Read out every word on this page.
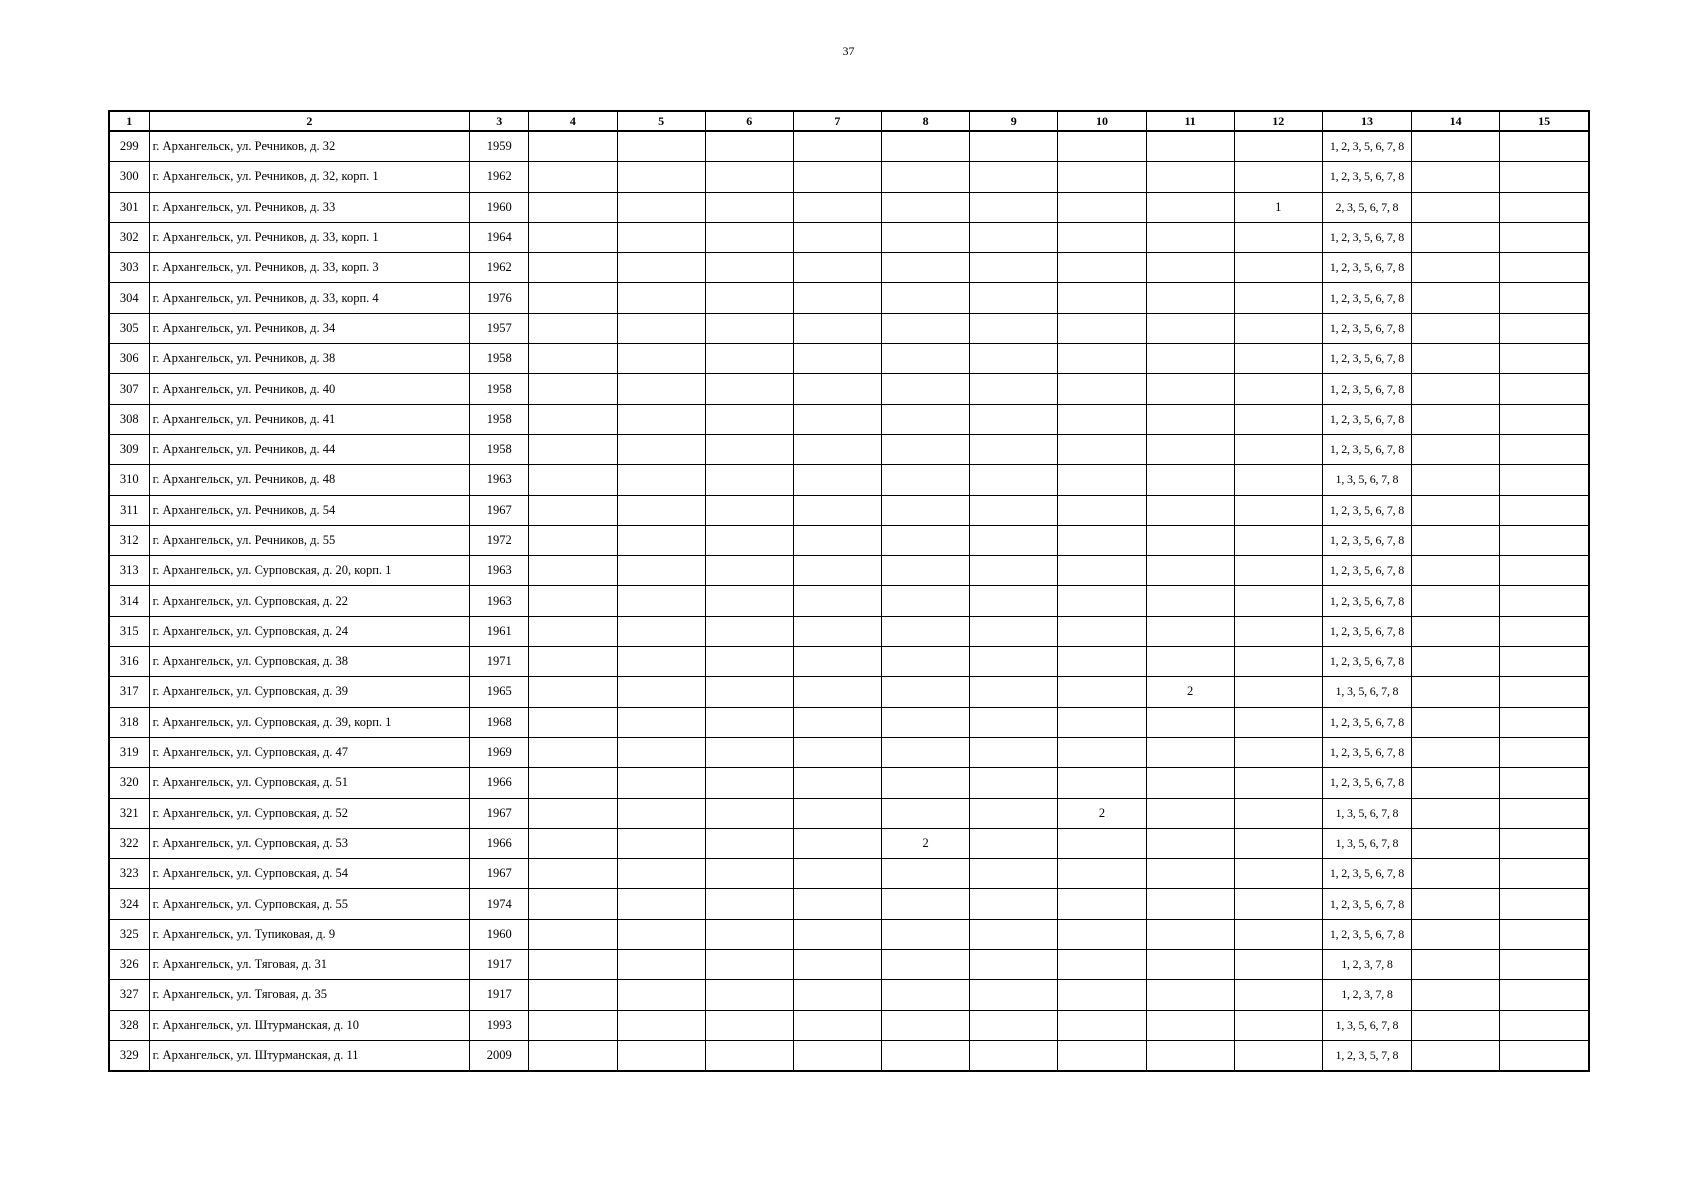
37
1	2	3	4	5	6	7	8	9	10	11	12	13	14	15
299	г. Архангельск, ул. Речников, д. 32	1959										1, 2, 3, 5, 6, 7, 8		
300	г. Архангельск, ул. Речников, д. 32, корп. 1	1962										1, 2, 3, 5, 6, 7, 8		
301	г. Архангельск, ул. Речников, д. 33	1960									1	2, 3, 5, 6, 7, 8		
302	г. Архангельск, ул. Речников, д. 33, корп. 1	1964										1, 2, 3, 5, 6, 7, 8		
303	г. Архангельск, ул. Речников, д. 33, корп. 3	1962										1, 2, 3, 5, 6, 7, 8		
304	г. Архангельск, ул. Речников, д. 33, корп. 4	1976										1, 2, 3, 5, 6, 7, 8		
305	г. Архангельск, ул. Речников, д. 34	1957										1, 2, 3, 5, 6, 7, 8		
306	г. Архангельск, ул. Речников, д. 38	1958										1, 2, 3, 5, 6, 7, 8		
307	г. Архангельск, ул. Речников, д. 40	1958										1, 2, 3, 5, 6, 7, 8		
308	г. Архангельск, ул. Речников, д. 41	1958										1, 2, 3, 5, 6, 7, 8		
309	г. Архангельск, ул. Речников, д. 44	1958										1, 2, 3, 5, 6, 7, 8		
310	г. Архангельск, ул. Речников, д. 48	1963										1, 3, 5, 6, 7, 8		
311	г. Архангельск, ул. Речников, д. 54	1967										1, 2, 3, 5, 6, 7, 8		
312	г. Архангельск, ул. Речников, д. 55	1972										1, 2, 3, 5, 6, 7, 8		
313	г. Архангельск, ул. Сурповская, д. 20, корп. 1	1963										1, 2, 3, 5, 6, 7, 8		
314	г. Архангельск, ул. Сурповская, д. 22	1963										1, 2, 3, 5, 6, 7, 8		
315	г. Архангельск, ул. Сурповская, д. 24	1961										1, 2, 3, 5, 6, 7, 8		
316	г. Архангельск, ул. Сурповская, д. 38	1971										1, 2, 3, 5, 6, 7, 8		
317	г. Архангельск, ул. Сурповская, д. 39	1965								2		1, 3, 5, 6, 7, 8		
318	г. Архангельск, ул. Сурповская, д. 39, корп. 1	1968										1, 2, 3, 5, 6, 7, 8		
319	г. Архангельск, ул. Сурповская, д. 47	1969										1, 2, 3, 5, 6, 7, 8		
320	г. Архангельск, ул. Сурповская, д. 51	1966										1, 2, 3, 5, 6, 7, 8		
321	г. Архангельск, ул. Сурповская, д. 52	1967							2			1, 3, 5, 6, 7, 8		
322	г. Архангельск, ул. Сурповская, д. 53	1966					2					1, 3, 5, 6, 7, 8		
323	г. Архангельск, ул. Сурповская, д. 54	1967										1, 2, 3, 5, 6, 7, 8		
324	г. Архангельск, ул. Сурповская, д. 55	1974										1, 2, 3, 5, 6, 7, 8		
325	г. Архангельск, ул. Тупиковая, д. 9	1960										1, 2, 3, 5, 6, 7, 8		
326	г. Архангельск, ул. Тяговая, д. 31	1917										1, 2, 3, 7, 8		
327	г. Архангельск, ул. Тяговая, д. 35	1917										1, 2, 3, 7, 8		
328	г. Архангельск, ул. Штурманская, д. 10	1993										1, 3, 5, 6, 7, 8		
329	г. Архангельск, ул. Штурманская, д. 11	2009										1, 2, 3, 5, 7, 8		
